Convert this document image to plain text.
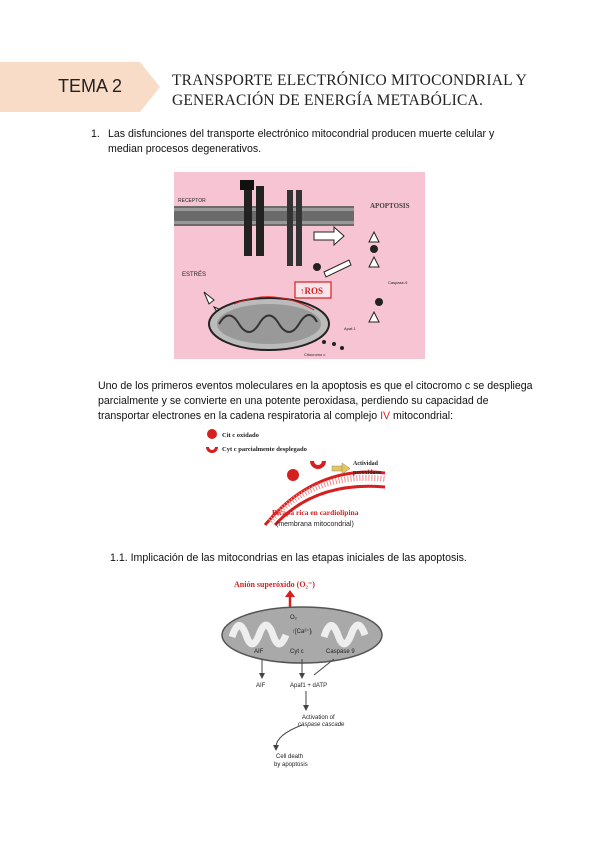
TEMA 2	TRANSPORTE ELECTRÓNICO MITOCONDRIAL Y
GENERACIÓN DE ENERGÍA METABÓLICA.
1. Las disfunciones del transporte electrónico mitocondrial producen muerte celular y
median procesos degenerativos.
RECEPTOR
ESTRÉS
APOPTOSIS
Caspase-9
Apaf-1
↑ROS
Citocromo c
Uno de los primeros eventos moleculares en la apoptosis es que el citocromo c se despliega
parcialmente y se convierte en una potente peroxidasa, perdiendo su capacidad de
transportar electrones en la cadena respiratoria al complejo IV mitocondrial:
Cit c oxidado
Cyt c parcialmente desplegado
Actividad
peroxidasa
Bicapa rica en cardiolipina
(membrana mitocondrial)
1.1. Implicación de las mitocondrias en las etapas iniciales de las apoptosis.
Anión superóxido (O₂⁻)
O₂
↑[Ca²⁺]ᵢ
AIF	Cyt c	Caspase 9
AIF	Apaf1 + dATP
Activation of
caspase cascade
Cell death
by apoptosis
